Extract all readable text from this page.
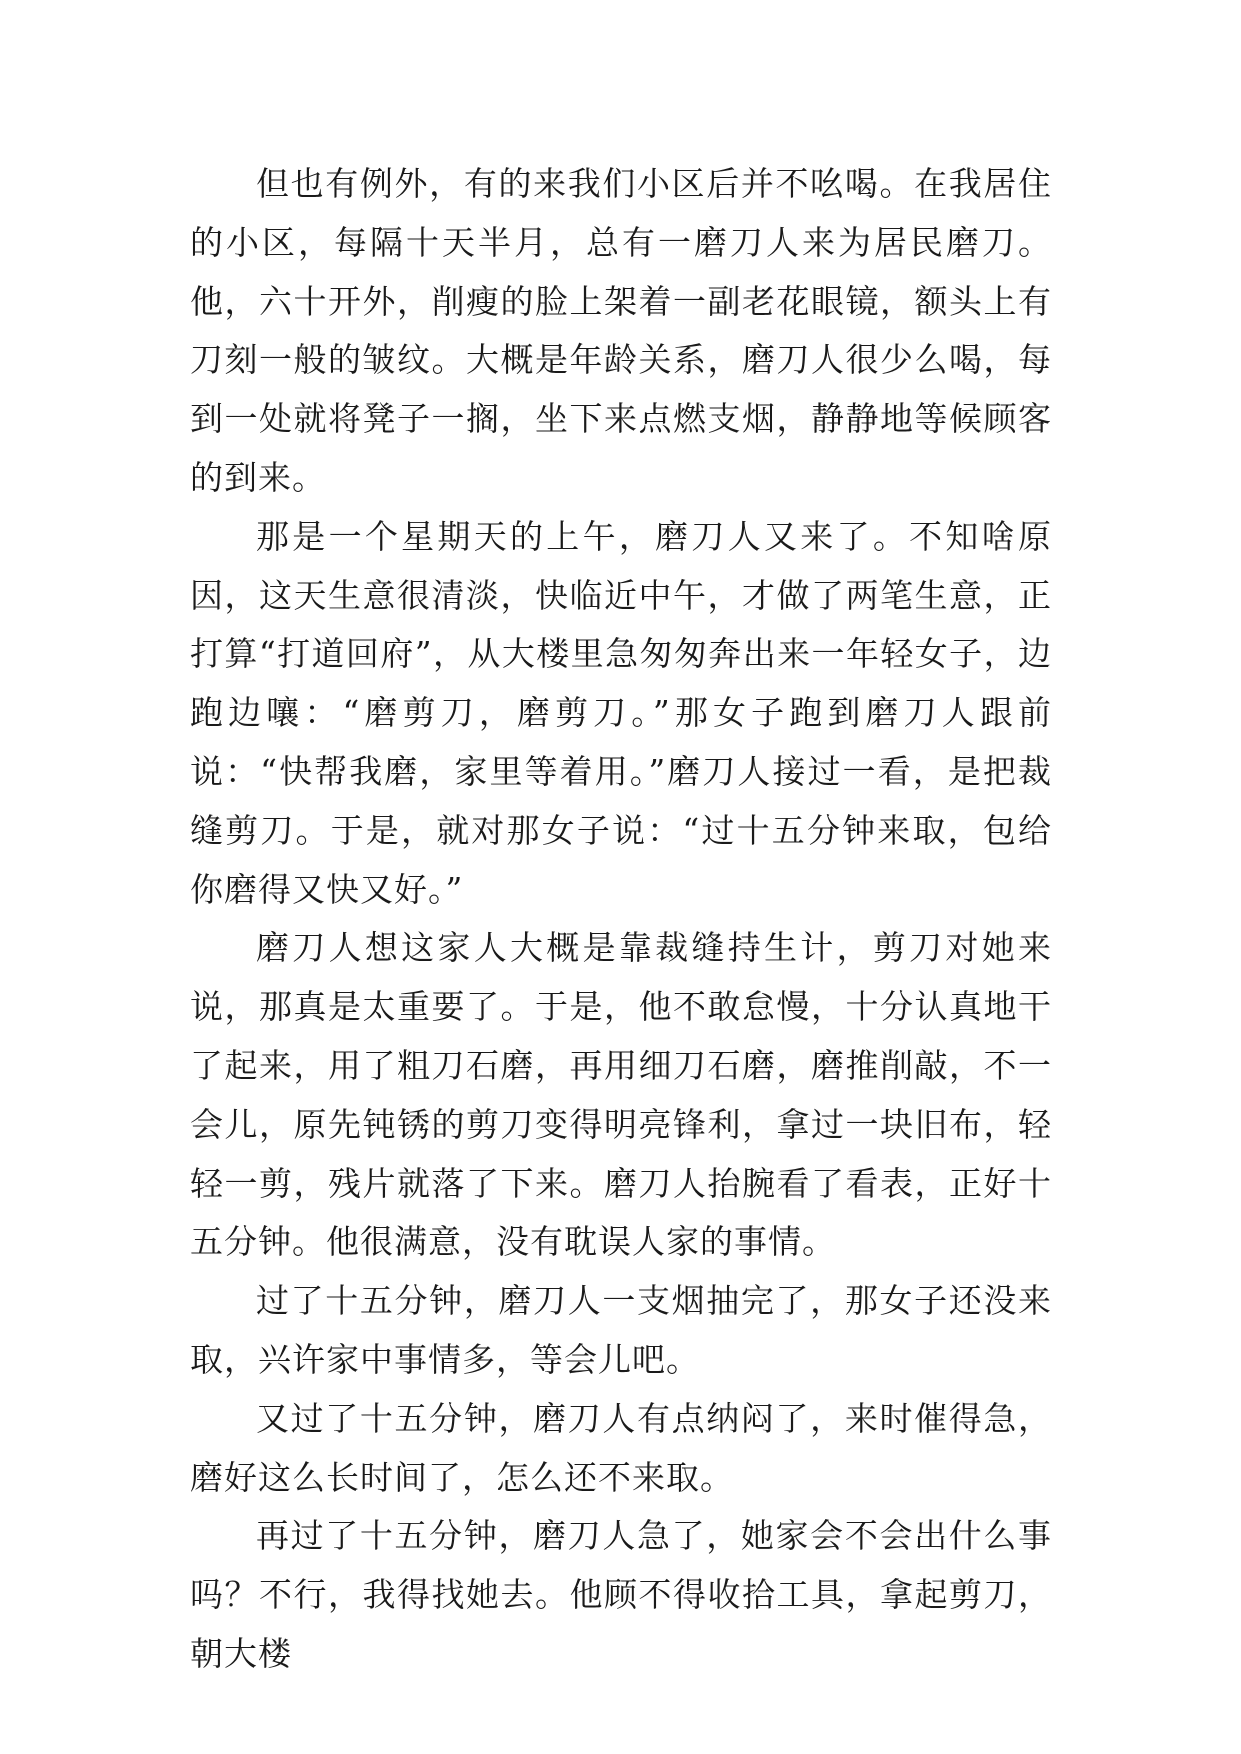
但也有例外，有的来我们小区后并不吆喝。在我居住的小区，每隔十天半月，总有一磨刀人来为居民磨刀。他，六十开外，削瘦的脸上架着一副老花眼镜，额头上有刀刻一般的皱纹。大概是年龄关系，磨刀人很少么喝，每到一处就将凳子一搁，坐下来点燃支烟，静静地等候顾客的到来。

那是一个星期天的上午，磨刀人又来了。不知啥原因，这天生意很清淡，快临近中午，才做了两笔生意，正打算“打道回府”，从大楼里急匆匆奔出来一年轻女子，边跑边嚷：“磨剪刀，磨剪刀。”那女子跑到磨刀人跟前说：“快帮我磨，家里等着用。”磨刀人接过一看，是把裁缝剪刀。于是，就对那女子说：“过十五分钟来取，包给你磨得又快又好。”

磨刀人想这家人大概是靠裁缝持生计，剪刀对她来说，那真是太重要了。于是，他不敢怠慢，十分认真地干了起来，用了粗刀石磨，再用细刀石磨，磨推削敲，不一会儿，原先钝锈的剪刀变得明亮锋利，拿过一块旧布，轻轻一剪，残片就落了下来。磨刀人抬腕看了看表，正好十五分钟。他很满意，没有耽误人家的事情。

过了十五分钟，磨刀人一支烟抽完了，那女子还没来取，兴许家中事情多，等会儿吧。

又过了十五分钟，磨刀人有点纳闷了，来时催得急，磨好这么长时间了，怎么还不来取。

再过了十五分钟，磨刀人急了，她家会不会出什么事吗？不行，我得找她去。他顾不得收拾工具，拿起剪刀，朝大楼
